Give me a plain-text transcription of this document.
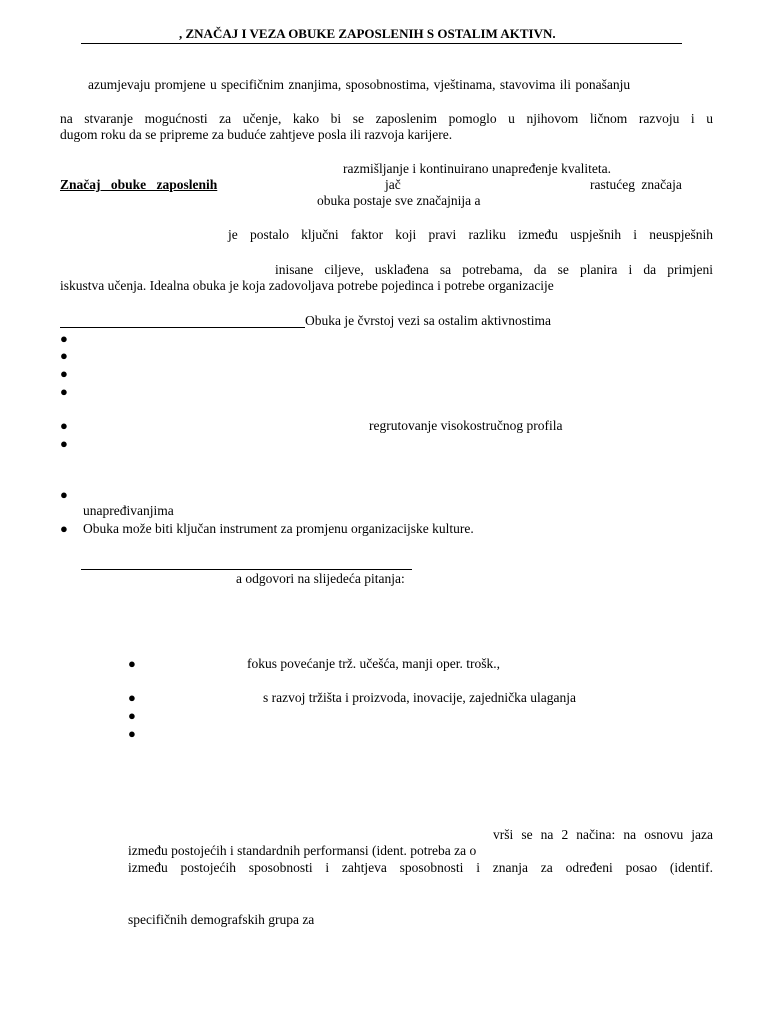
, ZNAČAJ I VEZA OBUKE ZAPOSLENIH S OSTALIM AKTIVN.
azumjevaju promjene u specifičnim znanjima, sposobnostima, vještinama, stavovima ili ponašanju
na stvaranje mogućnosti za učenje, kako bi se zaposlenim pomoglo u njihovom ličnom razvoju i u
dugom roku da se pripreme za buduće zahtjeve posla ili razvoja karijere.
razmišljanje i kontinuirano unapređenje kvaliteta.
Značaj obuke zaposlenih	jač	rastućeg značaja
obuka postaje sve značajnija a
je postalo ključni faktor koji pravi razliku između uspješnih i neuspješnih
inisane ciljeve, usklađena sa potrebama, da se planira i da primjeni
iskustva učenja. Idealna obuka je koja zadovoljava potrebe pojedinca i potrebe organizacije
Obuka je čvrstoj vezi sa ostalim aktivnostima
●
●
●
●
●	regrutovanje visokostručnog profila
●
●
unapređivanjima
● Obuka može biti ključan instrument za promjenu organizacijske kulture.
a odgovori na slijedeća pitanja:
●	fokus povećanje trž. učešća, manji oper. trošk.,
●	s razvoj tržišta i proizvoda, inovacije, zajednička ulaganja
●
●
vrši se na 2 načina: na osnovu jaza
između postojećih i standardnih performansi (ident. potreba za o
između postojećih sposobnosti i zahtjeva sposobnosti i znanja za određeni posao (identif.
specifičnih demografskih grupa za
